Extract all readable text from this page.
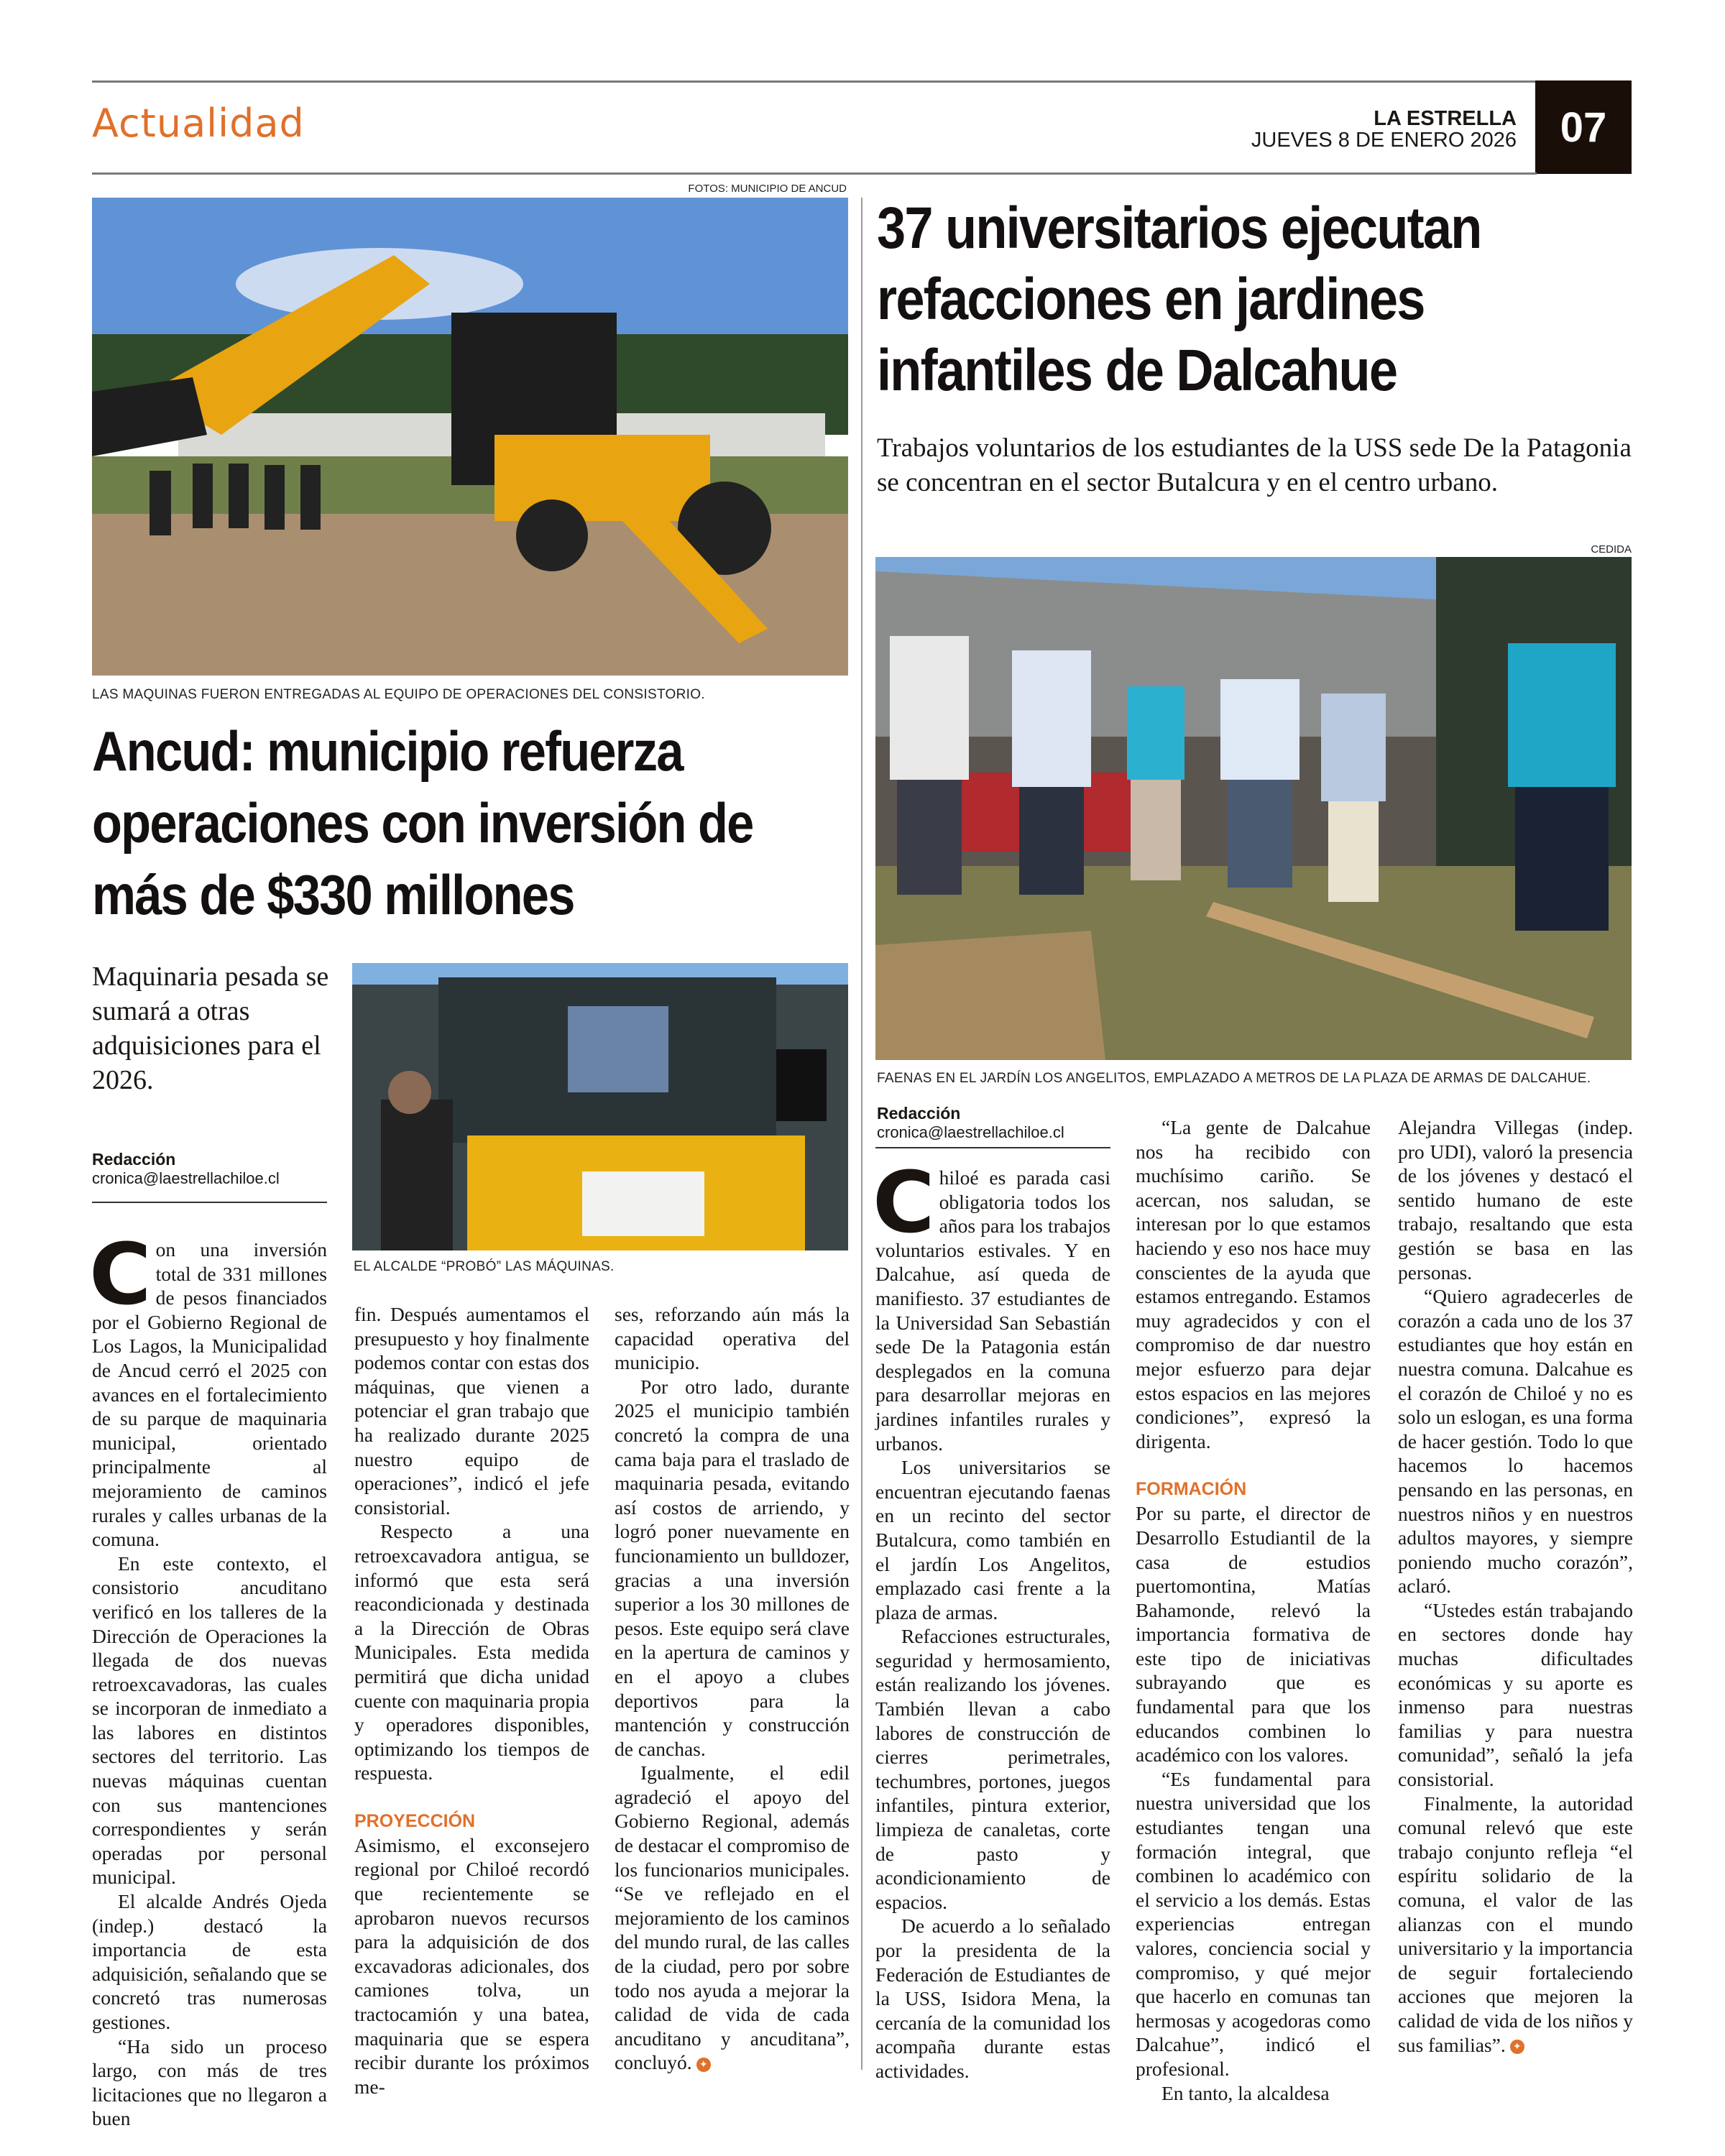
Actualidad	LA ESTRELLA
JUEVES 8 DE ENERO 2026	07
FOTOS: MUNICIPIO DE ANCUD
LAS MAQUINAS FUERON ENTREGADAS AL EQUIPO DE OPERACIONES DEL CONSISTORIO.
Ancud: municipio refuerza operaciones con inversión de más de $330 millones
Maquinaria pesada se sumará a otras adquisiciones para el 2026.
Redacción
cronica@laestrellachiloe.cl
EL ALCALDE “PROBÓ” LAS MÁQUINAS.

Con una inversión total de 331 millones de pesos financiados por el Gobierno Regional de Los Lagos, la Municipalidad de Ancud cerró el 2025 con avances en el fortalecimiento de su parque de maquinaria municipal, orientado principalmente al mejoramiento de caminos rurales y calles urbanas de la comuna.

En este contexto, el consistorio ancuditano verificó en los talleres de la Dirección de Operaciones la llegada de dos nuevas retroexcavadoras, las cuales se incorporan de inmediato a las labores en distintos sectores del territorio. Las nuevas máquinas cuentan con sus mantenciones correspondientes y serán operadas por personal municipal.

El alcalde Andrés Ojeda (indep.) destacó la importancia de esta adquisición, señalando que se concretó tras numerosas gestiones.

“Ha sido un proceso largo, con más de tres licitaciones que no llegaron a buen

fin. Después aumentamos el presupuesto y hoy finalmente podemos contar con estas dos máquinas, que vienen a potenciar el gran trabajo que ha realizado durante 2025 nuestro equipo de operaciones”, indicó el jefe consistorial.

Respecto a una retroexcavadora antigua, se informó que esta será reacondicionada y destinada a la Dirección de Obras Municipales. Esta medida permitirá que dicha unidad cuente con maquinaria propia y operadores disponibles, optimizando los tiempos de respuesta.

PROYECCIÓN

Asimismo, el exconsejero regional por Chiloé recordó que recientemente se aprobaron nuevos recursos para la adquisición de dos excavadoras adicionales, dos camiones tolva, un tractocamión y una batea, maquinaria que se espera recibir durante los próximos me-

ses, reforzando aún más la capacidad operativa del municipio.

Por otro lado, durante 2025 el municipio también concretó la compra de una cama baja para el traslado de maquinaria pesada, evitando así costos de arriendo, y logró poner nuevamente en funcionamiento un bulldozer, gracias a una inversión superior a los 30 millones de pesos. Este equipo será clave en la apertura de caminos y en el apoyo a clubes deportivos para la mantención y construcción de canchas.

Igualmente, el edil agradeció el apoyo del Gobierno Regional, además de destacar el compromiso de los funcionarios municipales. “Se ve reflejado en el mejoramiento de los caminos del mundo rural, de las calles de la ciudad, pero por sobre todo nos ayuda a mejorar la calidad de vida de cada ancuditano y ancuditana”, concluyó. ✦

37 universitarios ejecutan refacciones en jardines infantiles de Dalcahue
Trabajos voluntarios de los estudiantes de la USS sede De la Patagonia se concentran en el sector Butalcura y en el centro urbano.
CEDIDA
FAENAS EN EL JARDÍN LOS ANGELITOS, EMPLAZADO A METROS DE LA PLAZA DE ARMAS DE DALCAHUE.
Redacción
cronica@laestrellachiloe.cl

Chiloé es parada casi obligatoria todos los años para los trabajos voluntarios estivales. Y en Dalcahue, así queda de manifiesto. 37 estudiantes de la Universidad San Sebastián sede De la Patagonia están desplegados en la comuna para desarrollar mejoras en jardines infantiles rurales y urbanos.

Los universitarios se encuentran ejecutando faenas en un recinto del sector Butalcura, como también en el jardín Los Angelitos, emplazado casi frente a la plaza de armas.

Refacciones estructurales, seguridad y hermosamiento, están realizando los jóvenes. También llevan a cabo labores de construcción de cierres perimetrales, techumbres, portones, juegos infantiles, pintura exterior, limpieza de canaletas, corte de pasto y acondicionamiento de espacios.

De acuerdo a lo señalado por la presidenta de la Federación de Estudiantes de la USS, Isidora Mena, la cercanía de la comunidad los acompaña durante estas actividades.

“La gente de Dalcahue nos ha recibido con muchísimo cariño. Se acercan, nos saludan, se interesan por lo que estamos haciendo y eso nos hace muy conscientes de la ayuda que estamos entregando. Estamos muy agradecidos y con el compromiso de dar nuestro mejor esfuerzo para dejar estos espacios en las mejores condiciones”, expresó la dirigenta.

FORMACIÓN

Por su parte, el director de Desarrollo Estudiantil de la casa de estudios puertomontina, Matías Bahamonde, relevó la importancia formativa de este tipo de iniciativas subrayando que es fundamental para que los educandos combinen lo académico con los valores.

“Es fundamental para nuestra universidad que los estudiantes tengan una formación integral, que combinen lo académico con el servicio a los demás. Estas experiencias entregan valores, conciencia social y compromiso, y qué mejor que hacerlo en comunas tan hermosas y acogedoras como Dalcahue”, indicó el profesional.

En tanto, la alcaldesa

Alejandra Villegas (indep. pro UDI), valoró la presencia de los jóvenes y destacó el sentido humano de este trabajo, resaltando que esta gestión se basa en las personas.

“Quiero agradecerles de corazón a cada uno de los 37 estudiantes que hoy están en nuestra comuna. Dalcahue es el corazón de Chiloé y no es solo un eslogan, es una forma de hacer gestión. Todo lo que hacemos lo hacemos pensando en las personas, en nuestros niños y en nuestros adultos mayores, y siempre poniendo mucho corazón”, aclaró.

“Ustedes están trabajando en sectores donde hay muchas dificultades económicas y su aporte es inmenso para nuestras familias y para nuestra comunidad”, señaló la jefa consistorial.

Finalmente, la autoridad comunal relevó que este trabajo conjunto refleja “el espíritu solidario de la comuna, el valor de las alianzas con el mundo universitario y la importancia de seguir fortaleciendo acciones que mejoren la calidad de vida de los niños y sus familias”. ✦
